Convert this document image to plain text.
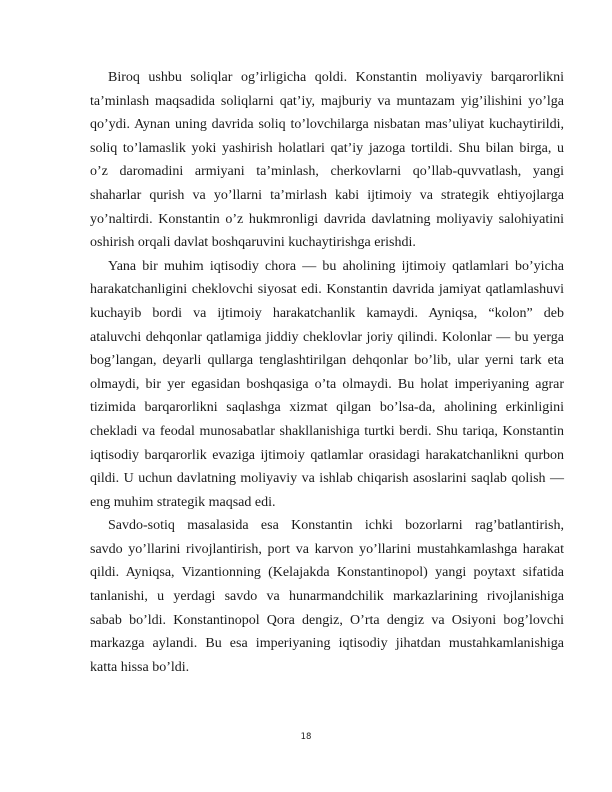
Biroq ushbu soliqlar og’irligicha qoldi. Konstantin moliyaviy barqarorlikni
ta’minlash maqsadida soliqlarni qat’iy, majburiy va muntazam yig’ilishini yo’lga
qo’ydi. Aynan uning davrida soliq to’lovchilarga nisbatan mas’uliyat kuchaytirildi,
soliq to’lamaslik yoki yashirish holatlari qat’iy jazoga tortildi. Shu bilan birga, u
o’z daromadini armiyani ta’minlash, cherkovlarni qo’llab-quvvatlash, yangi
shaharlar qurish va yo’llarni ta’mirlash kabi ijtimoiy va strategik ehtiyojlarga
yo’naltirdi. Konstantin o’z hukmronligi davrida davlatning moliyaviy salohiyatini
oshirish orqali davlat boshqaruvini kuchaytirishga erishdi.
Yana bir muhim iqtisodiy chora — bu aholining ijtimoiy qatlamlari bo’yicha
harakatchanligini cheklovchi siyosat edi. Konstantin davrida jamiyat qatlamlashuvi
kuchayib bordi va ijtimoiy harakatchanlik kamaydi. Ayniqsa, “kolon” deb
ataluvchi dehqonlar qatlamiga jiddiy cheklovlar joriy qilindi. Kolonlar — bu yerga
bog’langan, deyarli qullarga tenglashtirilgan dehqonlar bo’lib, ular yerni tark eta
olmaydi, bir yer egasidan boshqasiga o’ta olmaydi. Bu holat imperiyaning agrar
tizimida barqarorlikni saqlashga xizmat qilgan bo’lsa-da, aholining erkinligini
chekladi va feodal munosabatlar shakllanishiga turtki berdi. Shu tariqa, Konstantin
iqtisodiy barqarorlik evaziga ijtimoiy qatlamlar orasidagi harakatchanlikni qurbon
qildi. U uchun davlatning moliyaviy va ishlab chiqarish asoslarini saqlab qolish —
eng muhim strategik maqsad edi.
Savdo-sotiq masalasida esa Konstantin ichki bozorlarni rag’batlantirish,
savdo yo’llarini rivojlantirish, port va karvon yo’llarini mustahkamlashga harakat
qildi. Ayniqsa, Vizantionning (Kelajakda Konstantinopol) yangi poytaxt sifatida
tanlanishi, u yerdagi savdo va hunarmandchilik markazlarining rivojlanishiga
sabab bo’ldi. Konstantinopol Qora dengiz, O’rta dengiz va Osiyoni bog’lovchi
markazga aylandi. Bu esa imperiyaning iqtisodiy jihatdan mustahkamlanishiga
katta hissa bo’ldi.
18
